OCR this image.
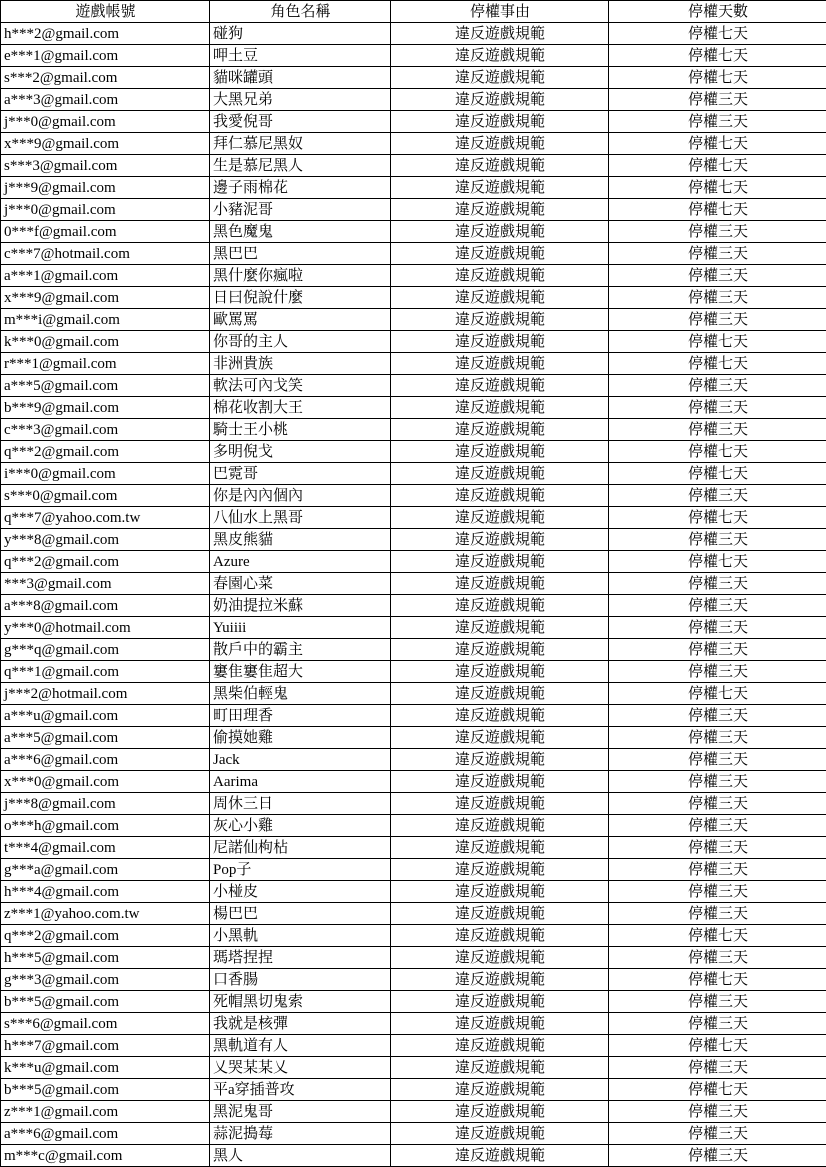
遊戲帳號	角色名稱	停權事由	停權天數
h***2@gmail.com	碰狗	違反遊戲規範	停權七天
e***1@gmail.com	呷土豆	違反遊戲規範	停權七天
s***2@gmail.com	貓咪罐頭	違反遊戲規範	停權七天
a***3@gmail.com	大黑兄弟	違反遊戲規範	停權三天
j***0@gmail.com	我愛倪哥	違反遊戲規範	停權三天
x***9@gmail.com	拜仁慕尼黑奴	違反遊戲規範	停權七天
s***3@gmail.com	生是慕尼黑人	違反遊戲規範	停權七天
j***9@gmail.com	邊子雨棉花	違反遊戲規範	停權七天
j***0@gmail.com	小豬泥哥	違反遊戲規範	停權七天
0***f@gmail.com	黑色魔鬼	違反遊戲規範	停權三天
c***7@hotmail.com	黑巴巴	違反遊戲規範	停權三天
a***1@gmail.com	黑什麼你瘋啦	違反遊戲規範	停權三天
x***9@gmail.com	日曰倪說什麼	違反遊戲規範	停權三天
m***i@gmail.com	歐罵罵	違反遊戲規範	停權三天
k***0@gmail.com	你哥的主人	違反遊戲規範	停權七天
r***1@gmail.com	非洲貴族	違反遊戲規範	停權七天
a***5@gmail.com	軟法可內戈笑	違反遊戲規範	停權三天
b***9@gmail.com	棉花收割大王	違反遊戲規範	停權三天
c***3@gmail.com	騎士王小桃	違反遊戲規範	停權三天
q***2@gmail.com	多明倪戈	違反遊戲規範	停權七天
i***0@gmail.com	巴霓哥	違反遊戲規範	停權七天
s***0@gmail.com	你是內內個內	違反遊戲規範	停權三天
q***7@yahoo.com.tw	八仙水上黑哥	違反遊戲規範	停權七天
y***8@gmail.com	黑皮熊貓	違反遊戲規範	停權三天
q***2@gmail.com	Azure	違反遊戲規範	停權七天
***3@gmail.com	春園心菜	違反遊戲規範	停權三天
a***8@gmail.com	奶油提拉米蘇	違反遊戲規範	停權三天
y***0@hotmail.com	Yuiiii	違反遊戲規範	停權三天
g***q@gmail.com	散戶中的霸主	違反遊戲規範	停權三天
q***1@gmail.com	窶隹窶隹超大	違反遊戲規範	停權三天
j***2@hotmail.com	黑柴伯輕鬼	違反遊戲規範	停權七天
a***u@gmail.com	町田理香	違反遊戲規範	停權三天
a***5@gmail.com	偷摸她雞	違反遊戲規範	停權三天
a***6@gmail.com	Jack	違反遊戲規範	停權三天
x***0@gmail.com	Aarima	違反遊戲規範	停權三天
j***8@gmail.com	周休三日	違反遊戲規範	停權三天
o***h@gmail.com	灰心小雞	違反遊戲規範	停權三天
t***4@gmail.com	尼諾仙枸枮	違反遊戲規範	停權三天
g***a@gmail.com	Pop子	違反遊戲規範	停權三天
h***4@gmail.com	小椪皮	違反遊戲規範	停權三天
z***1@yahoo.com.tw	楊巴巴	違反遊戲規範	停權三天
q***2@gmail.com	小黑軌	違反遊戲規範	停權七天
h***5@gmail.com	瑪塔捏捏	違反遊戲規範	停權三天
g***3@gmail.com	口香腸	違反遊戲規範	停權七天
b***5@gmail.com	死帽黑切鬼索	違反遊戲規範	停權三天
s***6@gmail.com	我就是核彈	違反遊戲規範	停權三天
h***7@gmail.com	黑軌道有人	違反遊戲規範	停權七天
k***u@gmail.com	乂哭某某乂	違反遊戲規範	停權三天
b***5@gmail.com	平a穿插普攻	違反遊戲規範	停權七天
z***1@gmail.com	黑泥鬼哥	違反遊戲規範	停權三天
a***6@gmail.com	蒜泥搗莓	違反遊戲規範	停權三天
m***c@gmail.com	黑人	違反遊戲規範	停權三天
